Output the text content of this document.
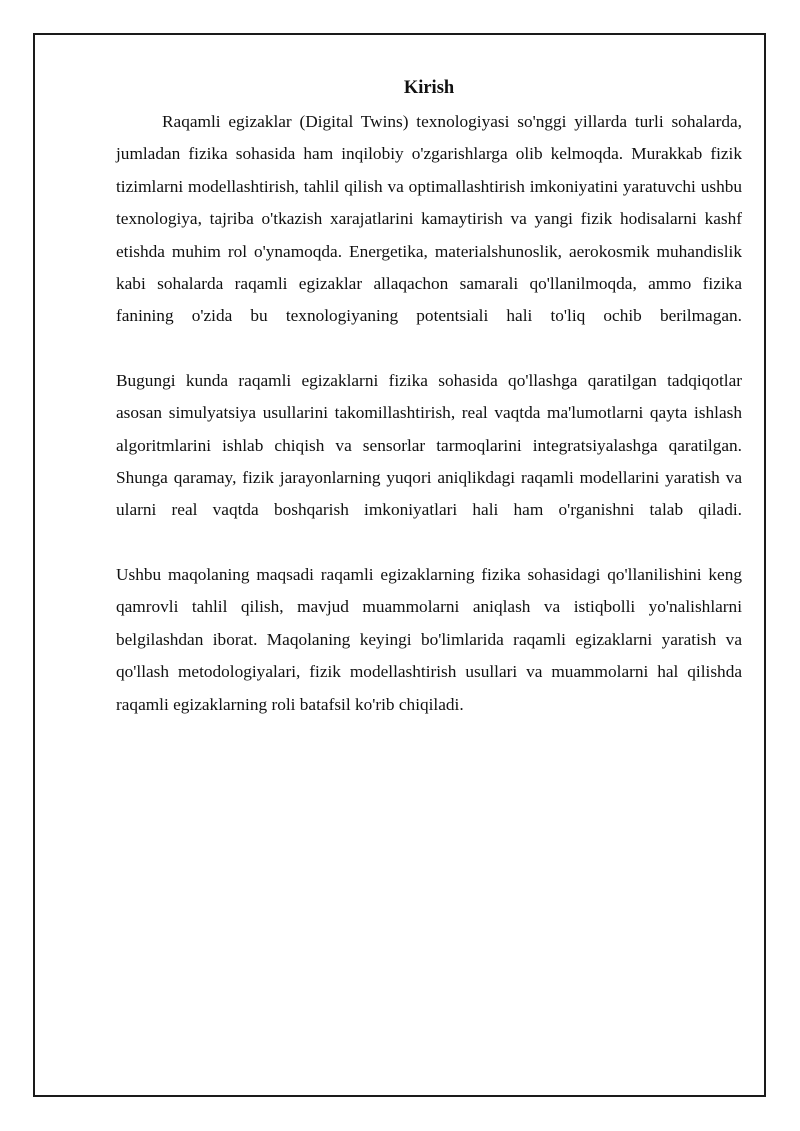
Kirish

Raqamli egizaklar (Digital Twins) texnologiyasi so'nggi yillarda turli sohalarda, jumladan fizika sohasida ham inqilobiy o'zgarishlarga olib kelmoqda. Murakkab fizik tizimlarni modellashtirish, tahlil qilish va optimallashtirish imkoniyatini yaratuvchi ushbu texnologiya, tajriba o'tkazish xarajatlarini kamaytirish va yangi fizik hodisalarni kashf etishda muhim rol o'ynamoqda. Energetika, materialshunoslik, aerokosmik muhandislik kabi sohalarda raqamli egizaklar allaqachon samarali qo'llanilmoqda, ammo fizika fanining o'zida bu texnologiyaning potentsiali hali to'liq ochib berilmagan.

Bugungi kunda raqamli egizaklarni fizika sohasida qo'llashga qaratilgan tadqiqotlar asosan simulyatsiya usullarini takomillashtirish, real vaqtda ma'lumotlarni qayta ishlash algoritmlarini ishlab chiqish va sensorlar tarmoqlarini integratsiyalashga qaratilgan. Shunga qaramay, fizik jarayonlarning yuqori aniqlikdagi raqamli modellarini yaratish va ularni real vaqtda boshqarish imkoniyatlari hali ham o'rganishni talab qiladi.

Ushbu maqolaning maqsadi raqamli egizaklarning fizika sohasidagi qo'llanilishini keng qamrovli tahlil qilish, mavjud muammolarni aniqlash va istiqbolli yo'nalishlarni belgilashdan iborat. Maqolaning keyingi bo'limlarida raqamli egizaklarni yaratish va qo'llash metodologiyalari, fizik modellashtirish usullari va muammolarni hal qilishda raqamli egizaklarning roli batafsil ko'rib chiqiladi.
